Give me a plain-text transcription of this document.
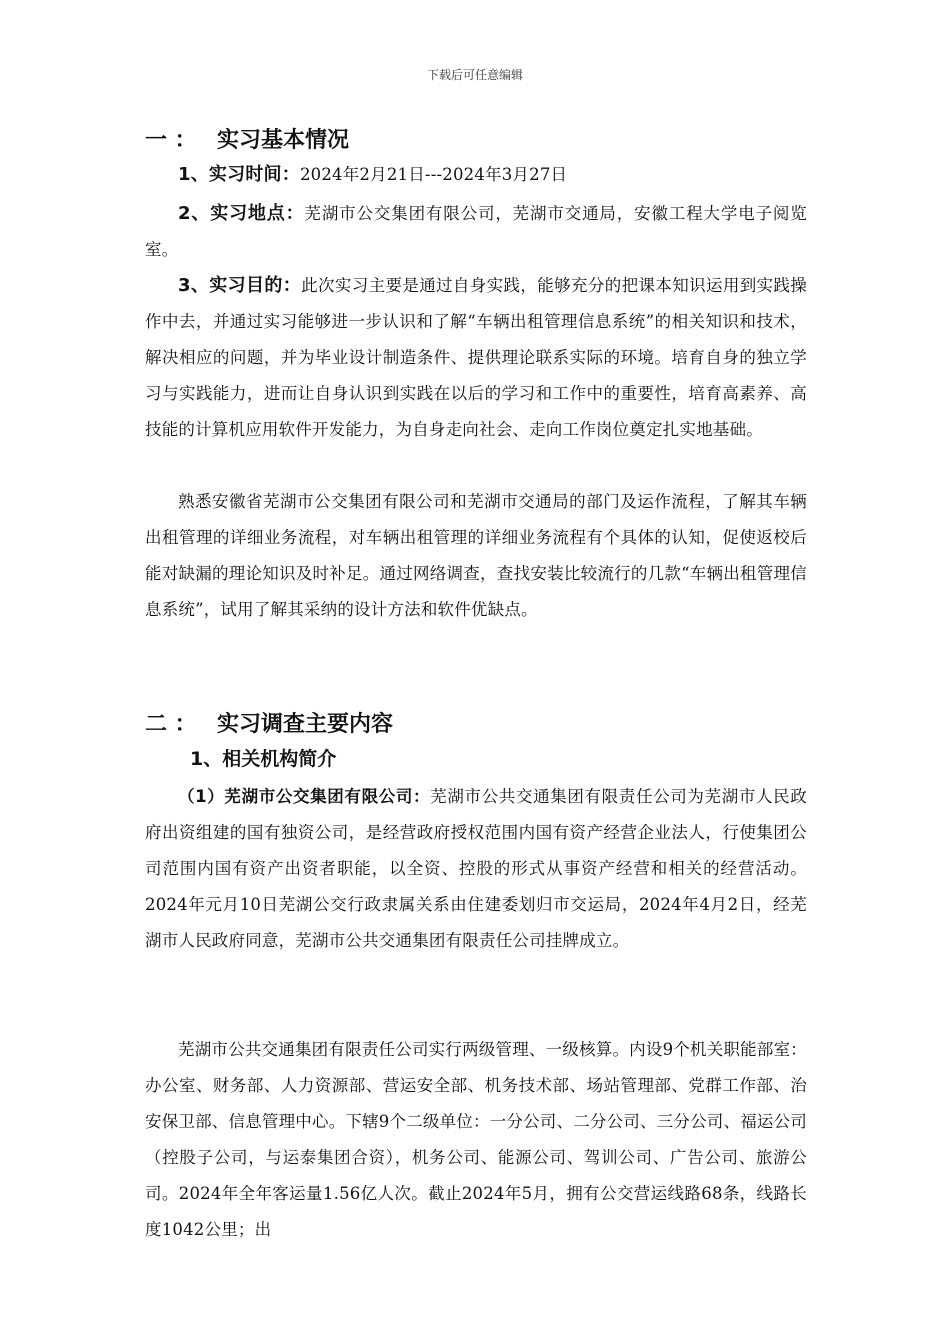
下载后可任意编辑
一 ： 实习基本情况

1、实习时间：2024年2月21日---2024年3月27日

2、实习地点：芜湖市公交集团有限公司，芜湖市交通局，安徽工程大学电子阅览室。

3、实习目的：此次实习主要是通过自身实践，能够充分的把课本知识运用到实践操作中去，并通过实习能够进一步认识和了解“车辆出租管理信息系统”的相关知识和技术，解决相应的问题，并为毕业设计制造条件、提供理论联系实际的环境。培育自身的独立学习与实践能力，进而让自身认识到实践在以后的学习和工作中的重要性，培育高素养、高技能的计算机应用软件开发能力，为自身走向社会、走向工作岗位奠定扎实地基础。

熟悉安徽省芜湖市公交集团有限公司和芜湖市交通局的部门及运作流程，了解其车辆出租管理的详细业务流程，对车辆出租管理的详细业务流程有个具体的认知，促使返校后能对缺漏的理论知识及时补足。通过网络调查，查找安装比较流行的几款“车辆出租管理信息系统”，试用了解其采纳的设计方法和软件优缺点。

二 ： 实习调查主要内容
1、相关机构简介

（1）芜湖市公交集团有限公司：芜湖市公共交通集团有限责任公司为芜湖市人民政府出资组建的国有独资公司，是经营政府授权范围内国有资产经营企业法人，行使集团公司范围内国有资产出资者职能，以全资、控股的形式从事资产经营和相关的经营活动。2024年元月10日芜湖公交行政隶属关系由住建委划归市交运局，2024年4月2日，经芜湖市人民政府同意，芜湖市公共交通集团有限责任公司挂牌成立。

芜湖市公共交通集团有限责任公司实行两级管理、一级核算。内设9个机关职能部室：办公室、财务部、人力资源部、营运安全部、机务技术部、场站管理部、党群工作部、治安保卫部、信息管理中心。下辖9个二级单位：一分公司、二分公司、三分公司、福运公司（控股子公司，与运泰集团合资），机务公司、能源公司、驾训公司、广告公司、旅游公司。2024年全年客运量1.56亿人次。截止2024年5月，拥有公交营运线路68条，线路长度1042公里；出
